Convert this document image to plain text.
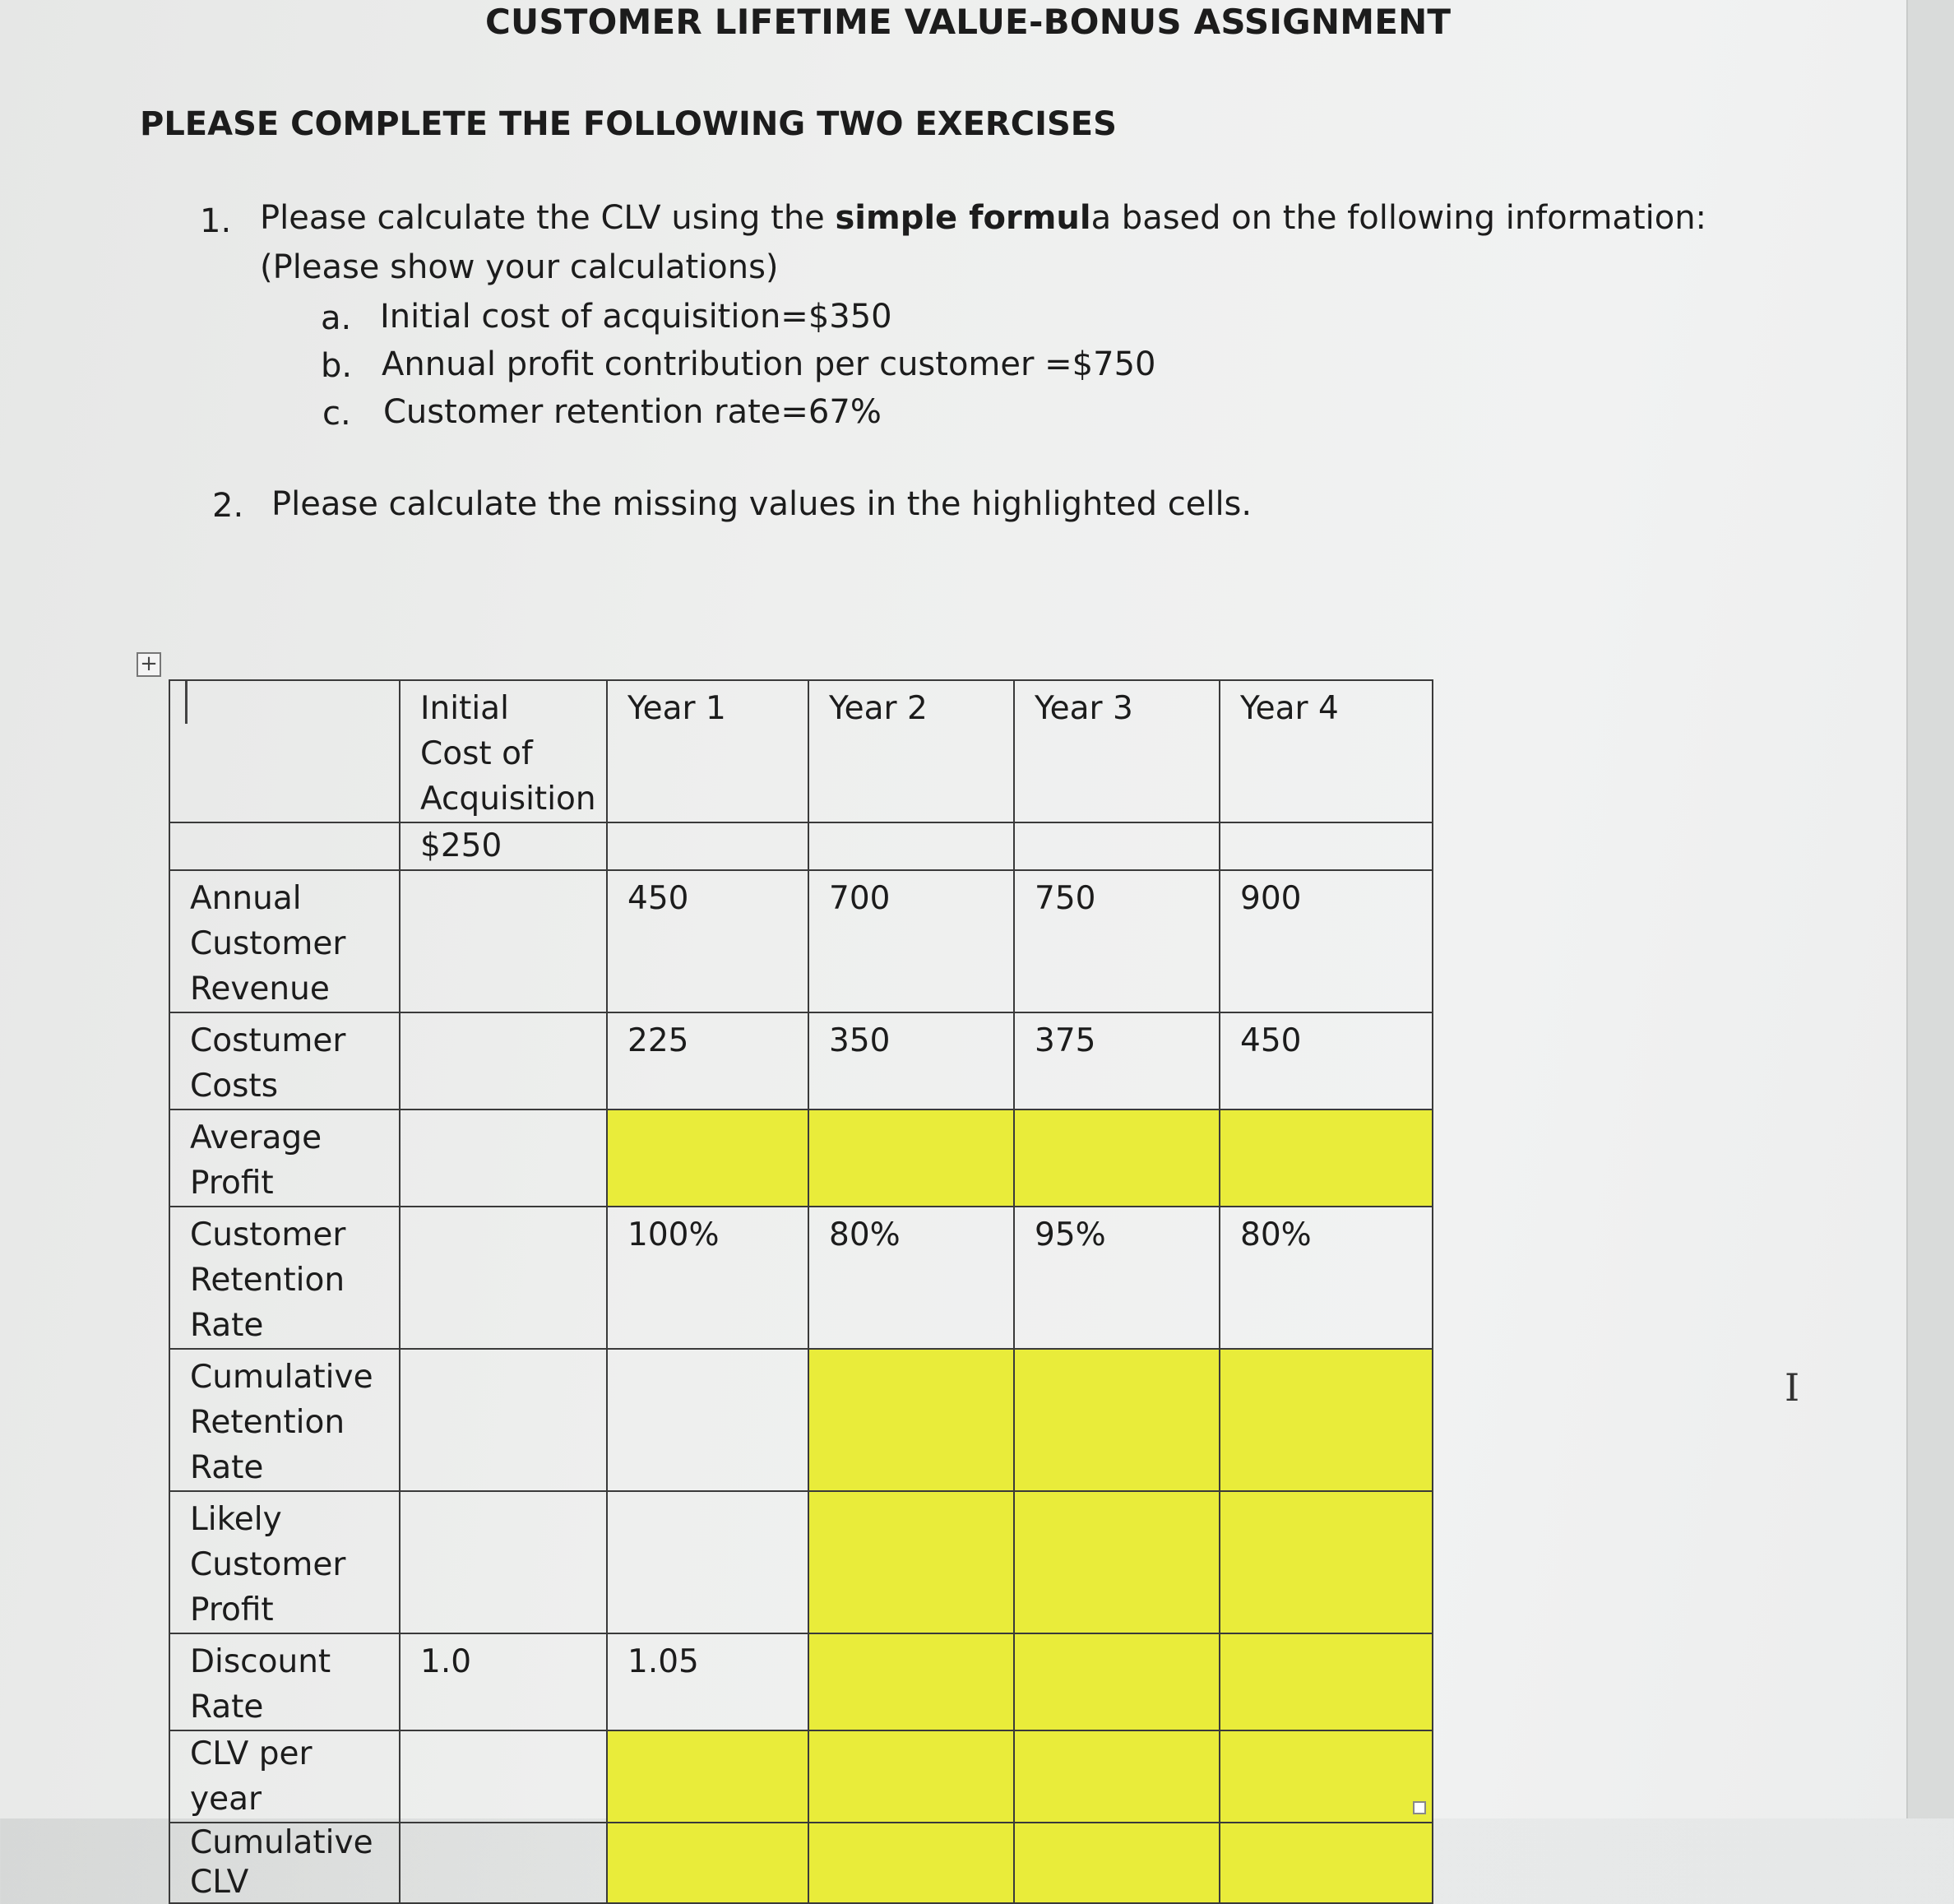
CUSTOMER LIFETIME VALUE-BONUS ASSIGNMENT
PLEASE COMPLETE THE FOLLOWING TWO EXERCISES
1. Please calculate the CLV using the simple formula based on the following information:
(Please show your calculations)
a. Initial cost of acquisition=$350
b. Annual profit contribution per customer =$750
c. Customer retention rate=67%
2. Please calculate the missing values in the highlighted cells.
+
	Initial Cost of Acquisition	Year 1	Year 2	Year 3	Year 4
	$250				
Annual Customer Revenue		450	700	750	900
Costumer Costs		225	350	375	450
Average Profit					
Customer Retention Rate		100%	80%	95%	80%
Cumulative Retention Rate					
Likely Customer Profit					
Discount Rate	1.0	1.05			
CLV per year					
Cumulative CLV					
I
